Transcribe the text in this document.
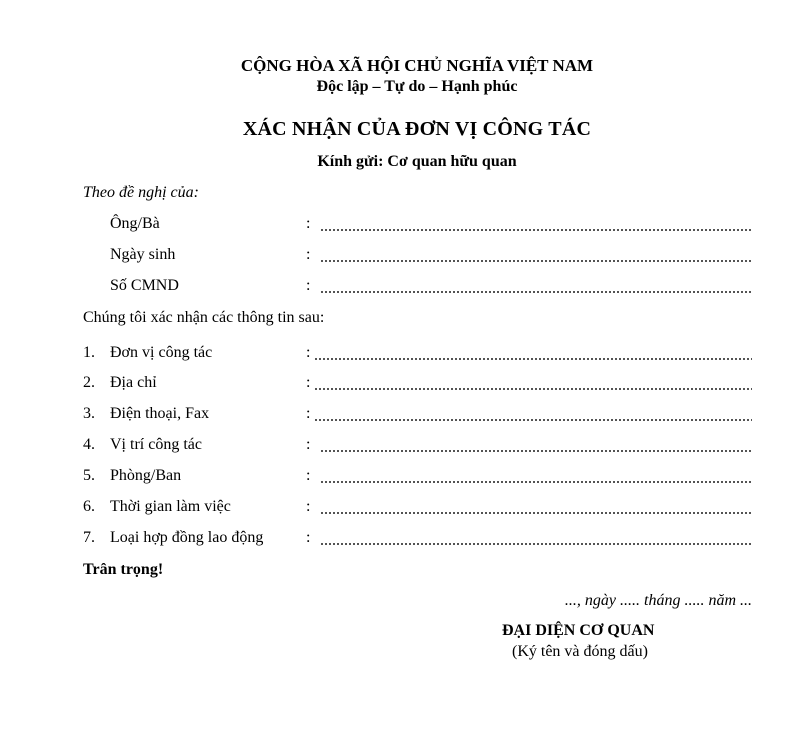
CỘNG HÒA XÃ HỘI CHỦ NGHĨA VIỆT NAM
Độc lập – Tự do – Hạnh phúc
XÁC NHẬN CỦA ĐƠN VỊ CÔNG TÁC
Kính gửi: Cơ quan hữu quan
Theo đề nghị của:
Ông/Bà	:
Ngày sinh	:
Số CMND	:
Chúng tôi xác nhận các thông tin sau:
1. Đơn vị công tác	:
2. Địa chỉ	:
3. Điện thoại, Fax	:
4. Vị trí công tác	:
5. Phòng/Ban	:
6. Thời gian làm việc	:
7. Loại hợp đồng lao động	:
Trân trọng!
..., ngày ..... tháng ..... năm ...
ĐẠI DIỆN CƠ QUAN
(Ký tên và đóng dấu)
